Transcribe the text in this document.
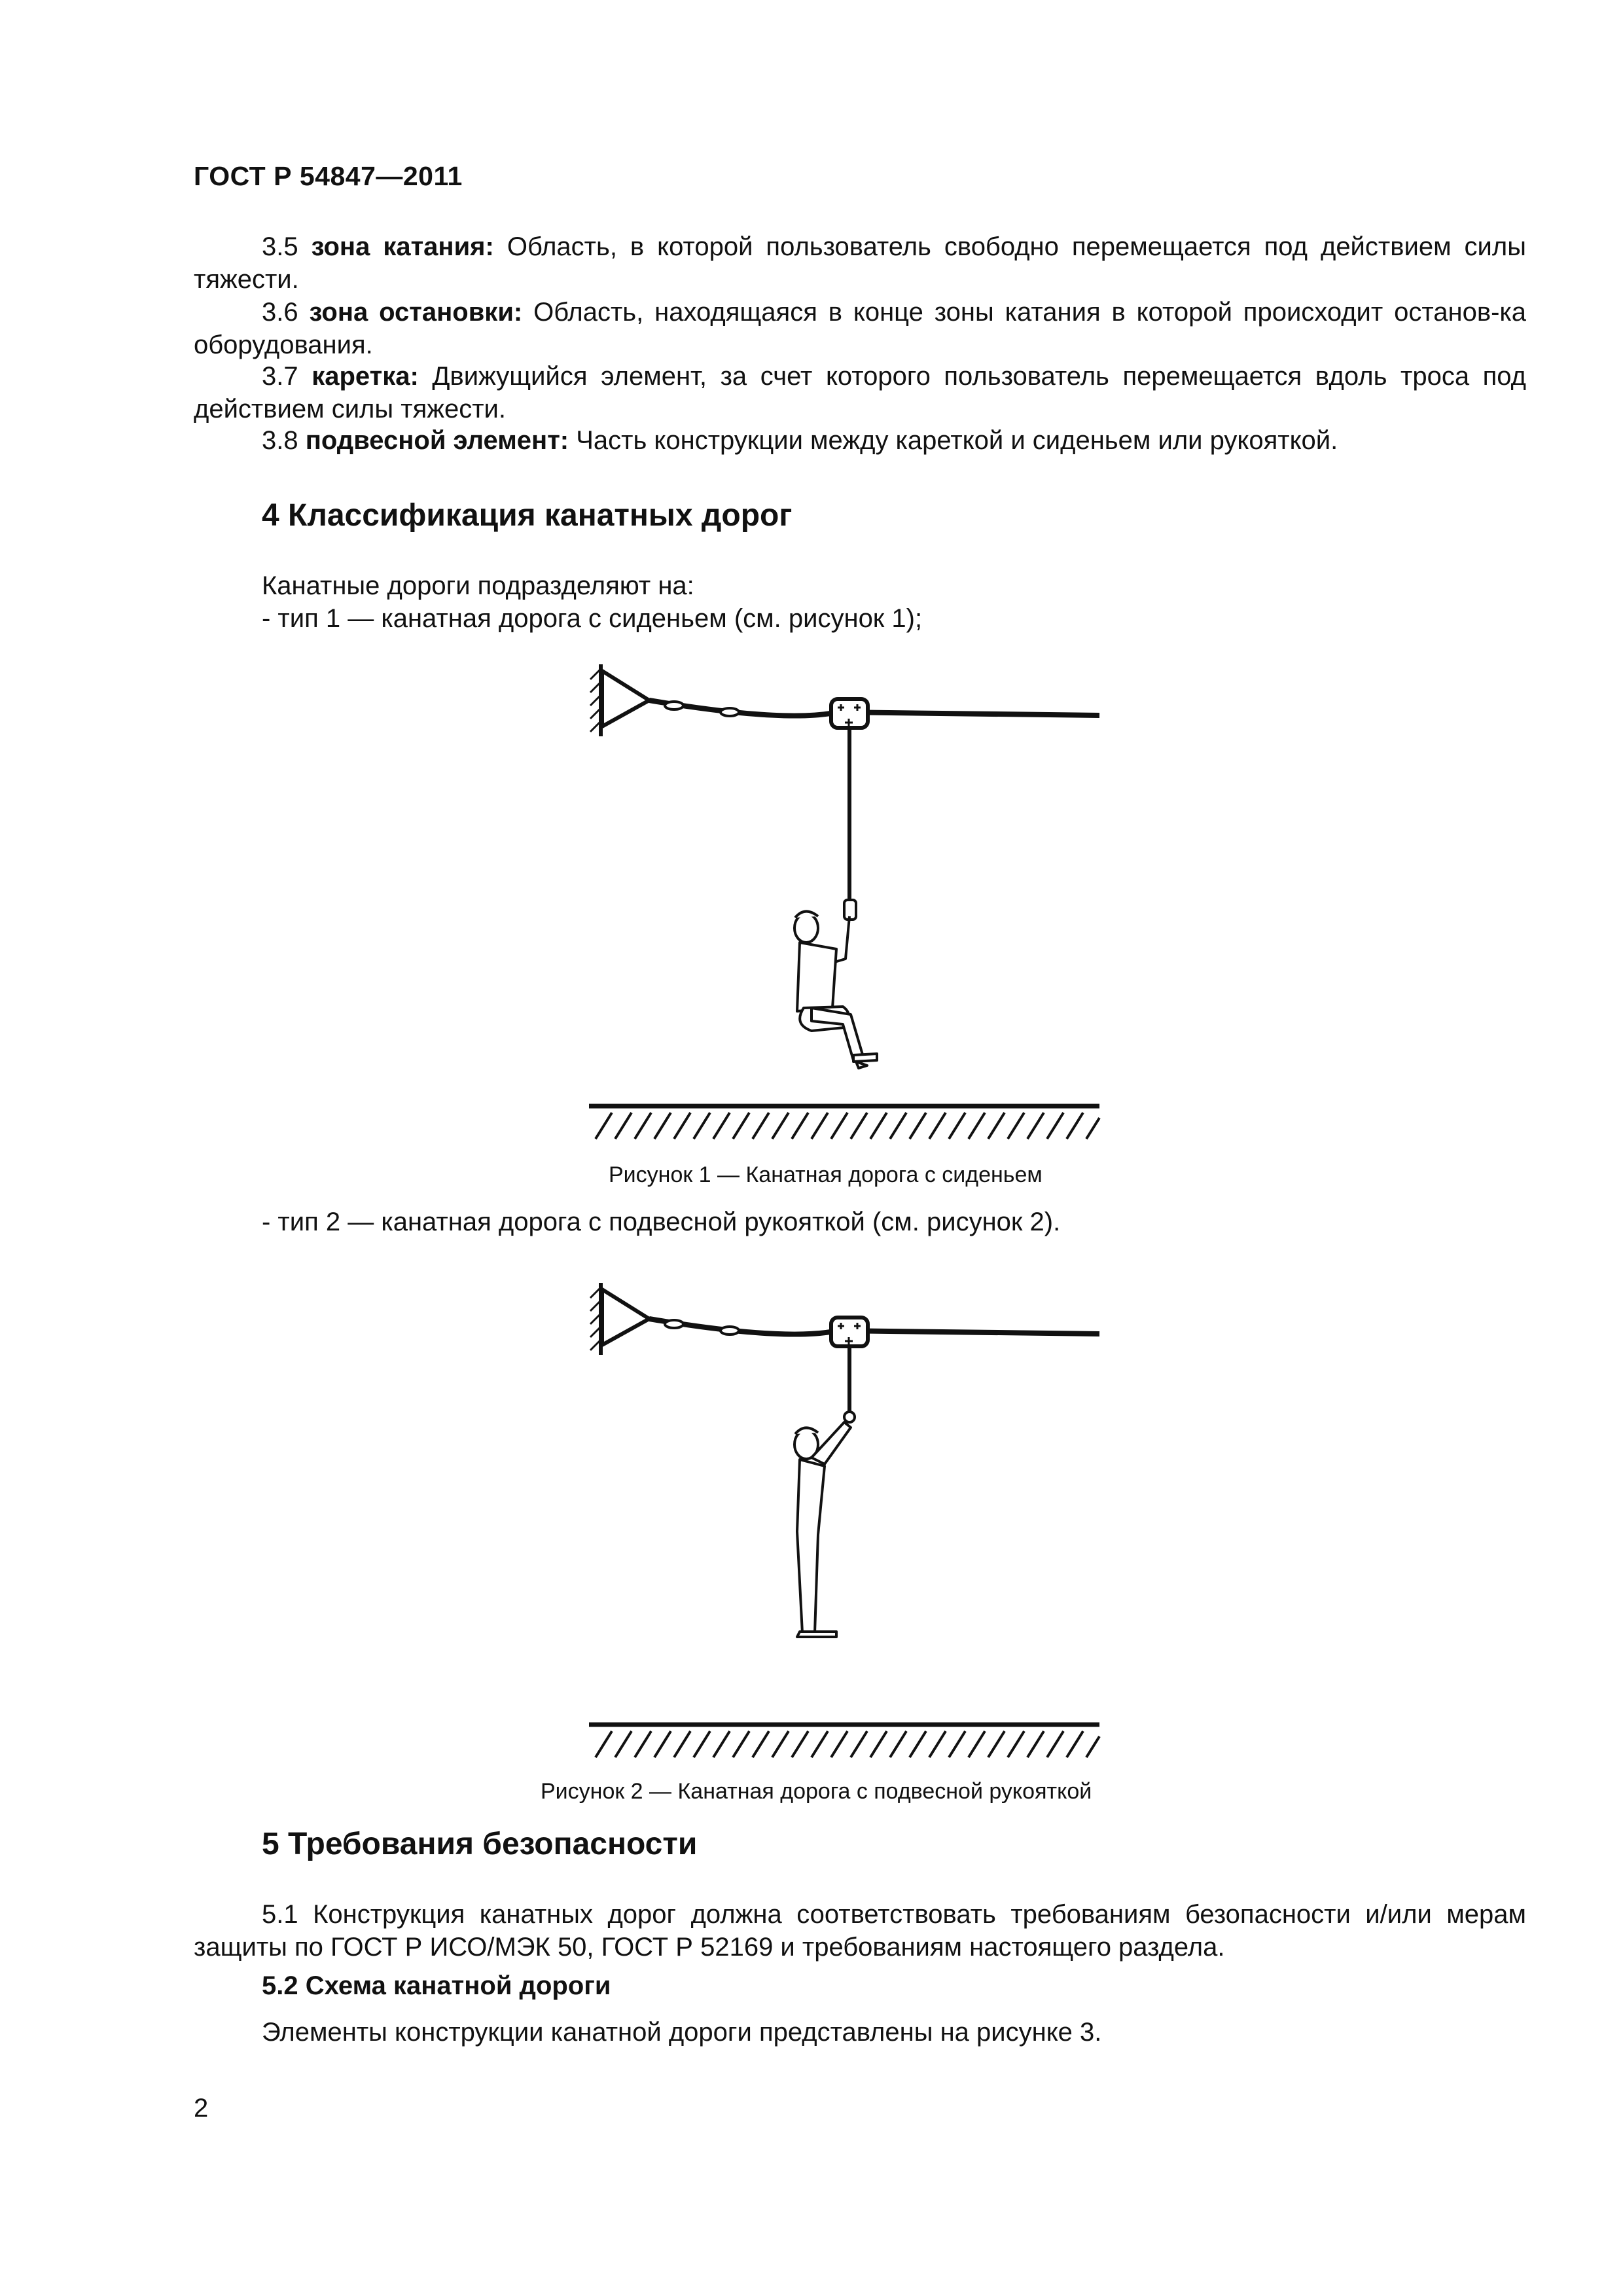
ГОСТ Р 54847—2011
3.5 зона катания: Область, в которой пользователь свободно перемещается под действием силы тяжести.
3.6 зона остановки: Область, находящаяся в конце зоны катания в которой происходит останов-ка оборудования.
3.7 каретка: Движущийся элемент, за счет которого пользователь перемещается вдоль троса под действием силы тяжести.
3.8 подвесной элемент: Часть конструкции между кареткой и сиденьем или рукояткой.
4 Классификация канатных дорог
Канатные дороги подразделяют на:
- тип 1 — канатная дорога с сиденьем (см. рисунок 1);
Рисунок 1 — Канатная дорога с сиденьем
- тип 2 — канатная дорога с подвесной рукояткой (см. рисунок 2).
Рисунок 2 — Канатная дорога с подвесной рукояткой
5 Требования безопасности
5.1 Конструкция канатных дорог должна соответствовать требованиям безопасности и/или мерам защиты по ГОСТ Р ИСО/МЭК 50, ГОСТ Р 52169 и требованиям настоящего раздела.
5.2 Схема канатной дороги
Элементы конструкции канатной дороги представлены на рисунке 3.
2
